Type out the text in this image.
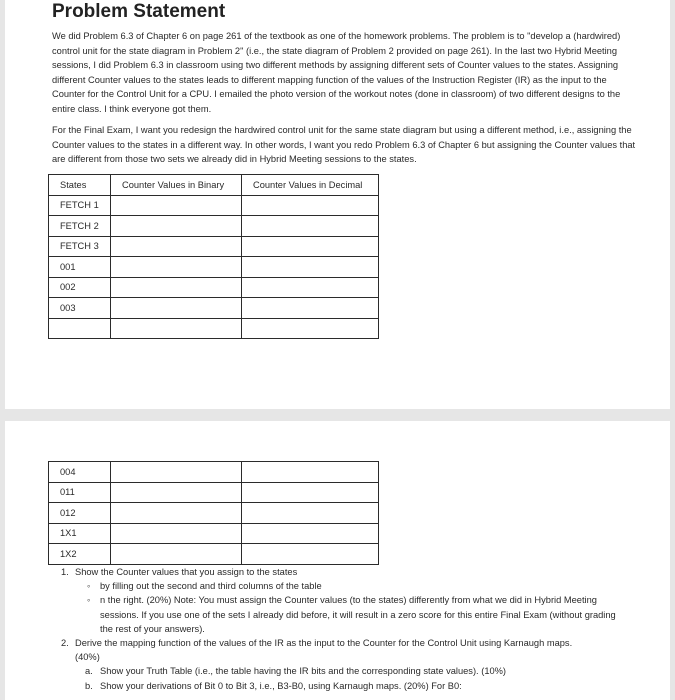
Problem Statement

We did Problem 6.3 of Chapter 6 on page 261 of the textbook as one of the homework problems. The problem is to "develop a (hardwired) control unit for the state diagram in Problem 2" (i.e., the state diagram of Problem 2 provided on page 261). In the last two Hybrid Meeting sessions, I did Problem 6.3 in classroom using two different methods by assigning different sets of Counter values to the states. Assigning different Counter values to the states leads to different mapping function of the values of the Instruction Register (IR) as the input to the Counter for the Control Unit for a CPU. I emailed the photo version of the workout notes (done in classroom) of two different designs to the entire class. I think everyone got them.

For the Final Exam, I want you redesign the hardwired control unit for the same state diagram but using a different method, i.e., assigning the Counter values to the states in a different way. In other words, I want you redo Problem 6.3 of Chapter 6 but assigning the Counter values that are different from those two sets we already did in Hybrid Meeting sessions to the states.

States	Counter Values in Binary	Counter Values in Decimal
FETCH 1		
FETCH 2		
FETCH 3		
001		
002		
003		

004		
011		
012		
1X1		
1X2		
1. Show the Counter values that you assign to the states
◦ by filling out the second and third columns of the table
◦ n the right. (20%) Note: You must assign the Counter values (to the states) differently from what we did in Hybrid Meeting sessions. If you use one of the sets I already did before, it will result in a zero score for this entire Final Exam (without grading the rest of your answers).
2. Derive the mapping function of the values of the IR as the input to the Counter for the Control Unit using Karnaugh maps. (40%)
a. Show your Truth Table (i.e., the table having the IR bits and the corresponding state values). (10%)
b. Show your derivations of Bit 0 to Bit 3, i.e., B3-B0, using Karnaugh maps. (20%) For B0:
